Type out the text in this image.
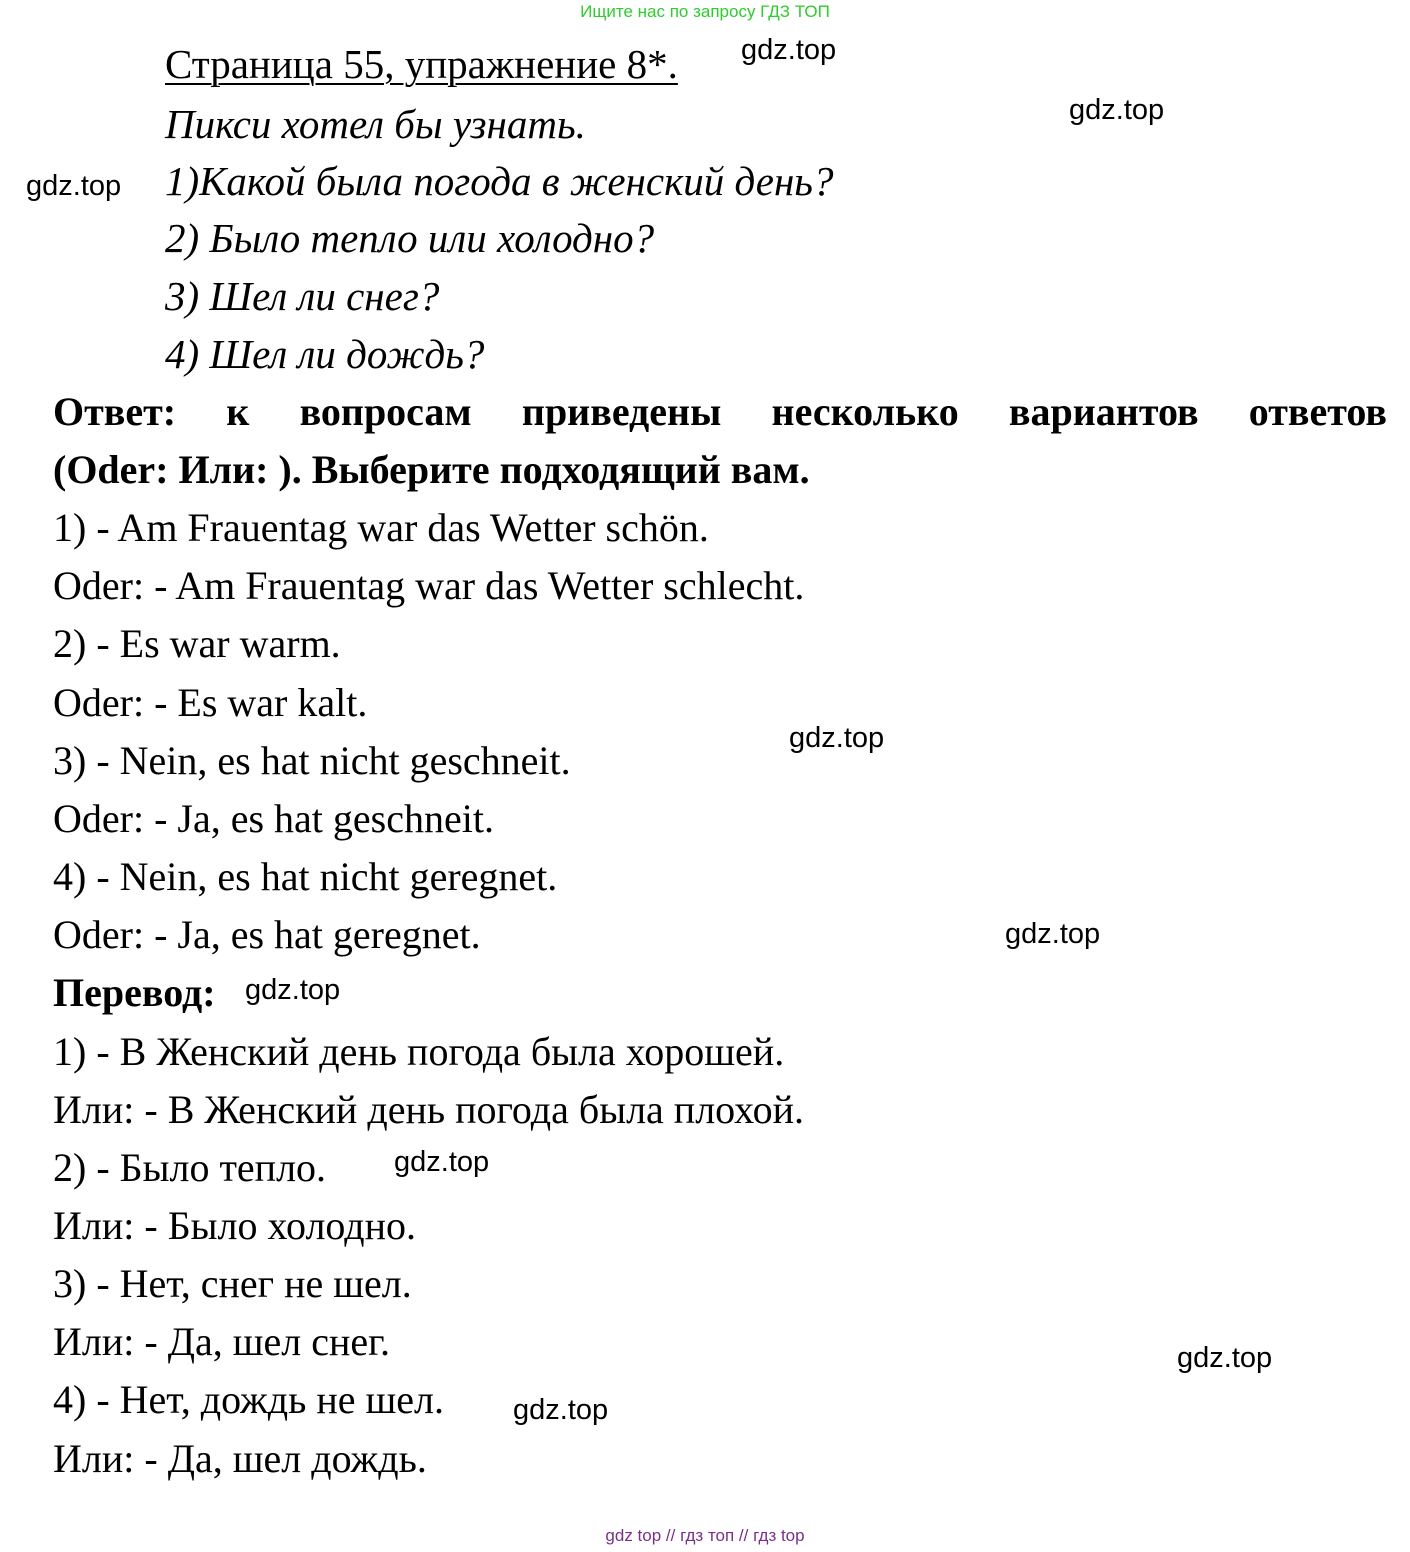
Ищите нас по запросу ГДЗ ТОП
Страница 55, упражнение 8*.
Пикси хотел бы узнать.
1)Какой была погода в женский день?
2) Было тепло или холодно?
3) Шел ли снег?
4) Шел ли дождь?
Ответ: к вопросам приведены несколько вариантов ответов
(Oder: Или: ). Выберите подходящий вам.
1) - Am Frauentag war das Wetter schön.
Oder: - Am Frauentag war das Wetter schlecht.
2) - Es war warm.
Oder: - Es war kalt.
3) - Nein, es hat nicht geschneit.
Oder: - Ja, es hat geschneit.
4) - Nein, es hat nicht geregnet.
Oder: - Ja, es hat geregnet.
Перевод:
1) - В Женский день погода была хорошей.
Или: - В Женский день погода была плохой.
2) - Было тепло.
Или: - Было холодно.
3) - Нет, снег не шел.
Или: - Да, шел снег.
4) - Нет, дождь не шел.
Или: - Да, шел дождь.
gdz.top
gdz.top
gdz.top
gdz.top
gdz.top
gdz.top
gdz.top
gdz.top
gdz.top
gdz top // гдз топ // гдз top
